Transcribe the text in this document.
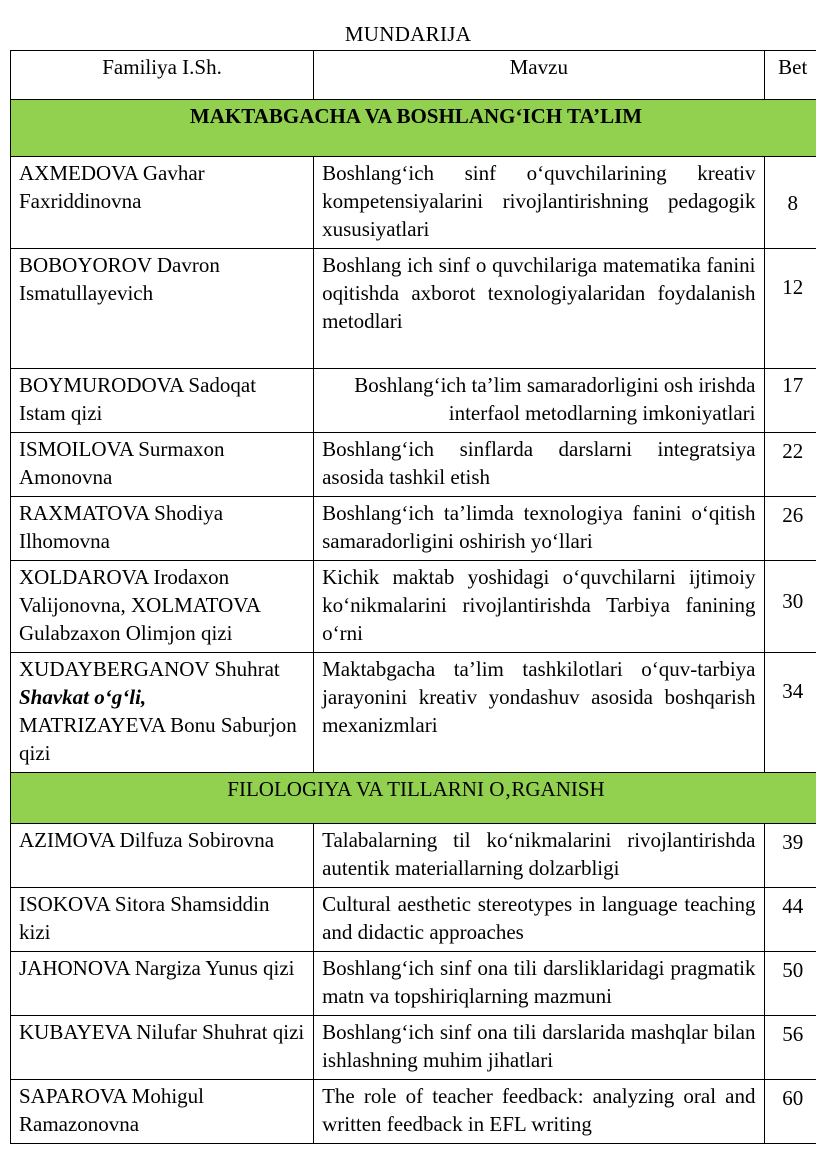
MUNDARIJA
Familiya I.Sh.	Mavzu	Bet
MAKTABGACHA VA BOSHLANG‘ICH TA’LIM		
AXMEDOVA Gavhar Faxriddinovna	Boshlang‘ich sinf o‘quvchilarining kreativ kompetensiyalarini rivojlantirishning pedagogik xususiyatlari	8
BOBOYOROV Davron Ismatullayevich	Boshlang ich sinf o quvchilariga matematika fanini oqitishda axborot texnologiyalaridan foydalanish metodlari	12
BOYMURODOVA Sadoqat Istam qizi	Boshlang‘ich ta’lim samaradorligini osh irishda interfaol metodlarning imkoniyatlari	17
ISMOILOVA Surmaxon Amonovna	Boshlang‘ich sinflarda darslarni integratsiya asosida tashkil etish	22
RAXMATOVA Shodiya Ilhomovna	Boshlang‘ich ta’limda texnologiya fanini o‘qitish samaradorligini oshirish yo‘llari	26
XOLDAROVA Irodaxon Valijonovna, XOLMATOVA Gulabzaxon Olimjon qizi	Kichik maktab yoshidagi o‘quvchilarni ijtimoiy ko‘nikmalarini rivojlantirishda Tarbiya fanining o‘rni	30
XUDAYBERGANOV Shuhrat
Shavkat o‘g‘li,
MATRIZAYEVA Bonu Saburjon qizi	Maktabgacha ta’lim tashkilotlari o‘quv-tarbiya jarayonini kreativ yondashuv asosida boshqarish mexanizmlari	34
FILOLOGIYA VA TILLARNI O‚RGANISH		
AZIMOVA Dilfuza Sobirovna	Talabalarning til ko‘nikmalarini rivojlantirishda autentik materiallarning dolzarbligi	39
ISOKOVA Sitora Shamsiddin kizi	Cultural aesthetic stereotypes in language teaching and didactic approaches	44
JAHONOVA Nargiza Yunus qizi	Boshlang‘ich sinf ona tili darsliklaridagi pragmatik matn va topshiriqlarning mazmuni	50
KUBAYEVA Nilufar Shuhrat qizi	Boshlang‘ich sinf ona tili darslarida mashqlar bilan ishlashning muhim jihatlari	56
SAPAROVA Mohigul Ramazonovna	The role of teacher feedback: analyzing oral and written feedback in EFL writing	60
